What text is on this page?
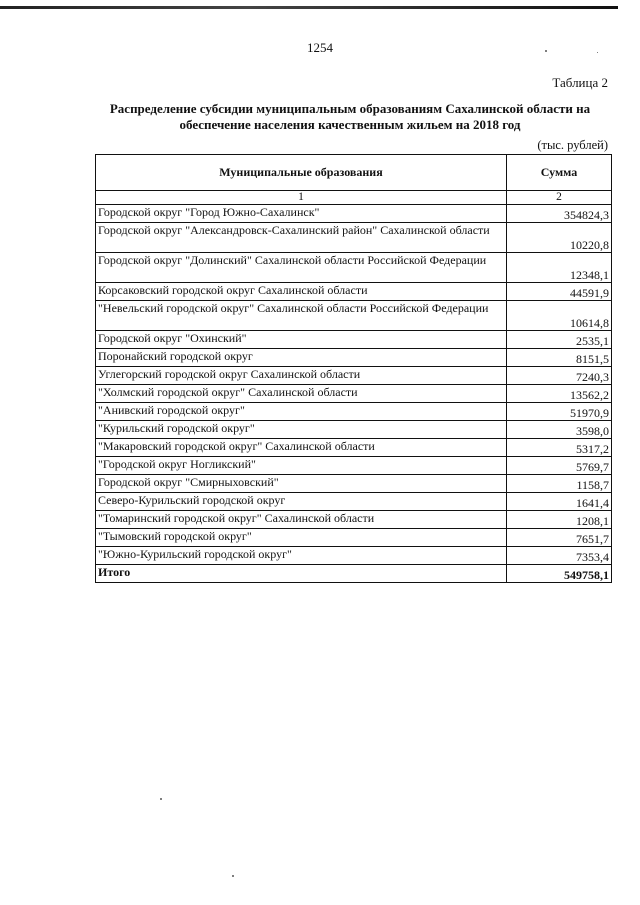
1254
Таблица 2
Распределение субсидии муниципальным образованиям Сахалинской области на
обеспечение населения качественным жильем на 2018 год
(тыс. рублей)
Муниципальные образования	Сумма
1	2
Городской округ "Город Южно-Сахалинск"	354824,3
Городской округ "Александровск-Сахалинский район" Сахалинской области	10220,8
Городской округ "Долинский" Сахалинской области Российской Федерации	12348,1
Корсаковский городской округ Сахалинской области	44591,9
"Невельский городской округ" Сахалинской области Российской Федерации	10614,8
Городской округ "Охинский"	2535,1
Поронайский городской округ	8151,5
Углегорский городской округ Сахалинской области	7240,3
"Холмский городской округ" Сахалинской области	13562,2
"Анивский городской округ"	51970,9
"Курильский городской округ"	3598,0
"Макаровский городской округ" Сахалинской области	5317,2
"Городской округ Ногликский"	5769,7
Городской округ "Смирныховский"	1158,7
Северо-Курильский городской округ	1641,4
"Томаринский городской округ" Сахалинской области	1208,1
"Тымовский городской округ"	7651,7
"Южно-Курильский городской округ"	7353,4
Итого	549758,1
